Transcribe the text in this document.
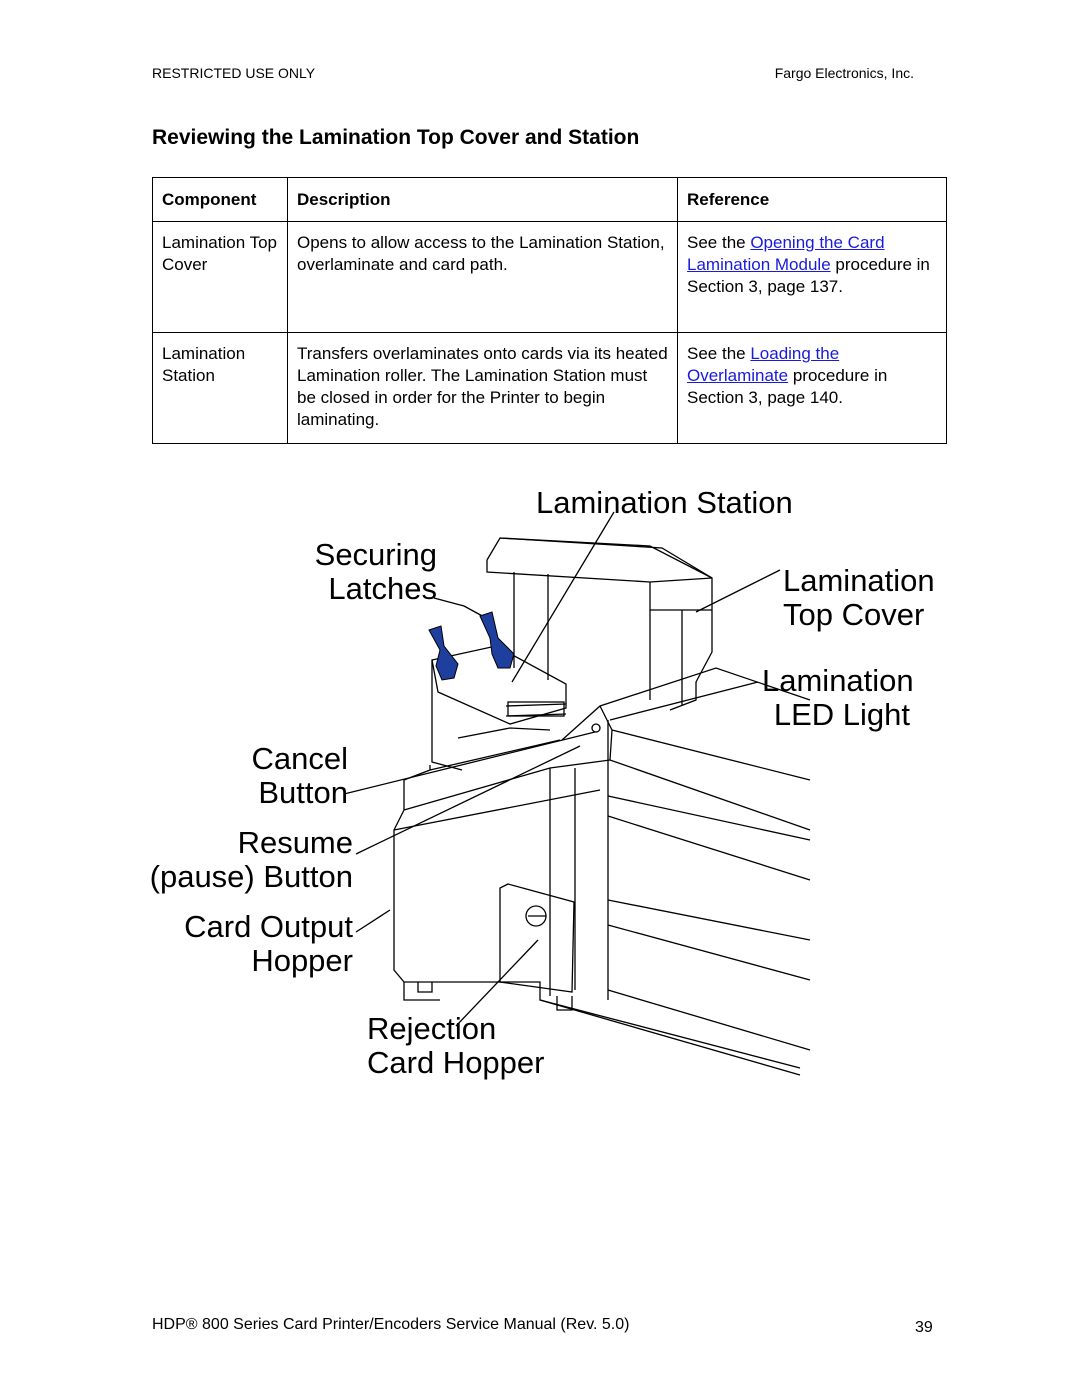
RESTRICTED USE ONLY	Fargo Electronics, Inc.
Reviewing the Lamination Top Cover and Station
Component	Description	Reference
Lamination Top Cover	Opens to allow access to the Lamination Station, overlaminate and card path.	See the Opening the Card Lamination Module procedure in Section 3, page 137.
Lamination Station	Transfers overlaminates onto cards via its heated Lamination roller. The Lamination Station must be closed in order for the Printer to begin laminating.	See the Loading the Overlaminate procedure in Section 3, page 140.
Lamination Station
Securing
Latches	Lamination
Top Cover
Lamination
LED Light
Cancel
Button
Resume
(pause) Button
Card Output
Hopper
Rejection
Card Hopper
HDP® 800 Series Card Printer/Encoders Service Manual (Rev. 5.0)	39
